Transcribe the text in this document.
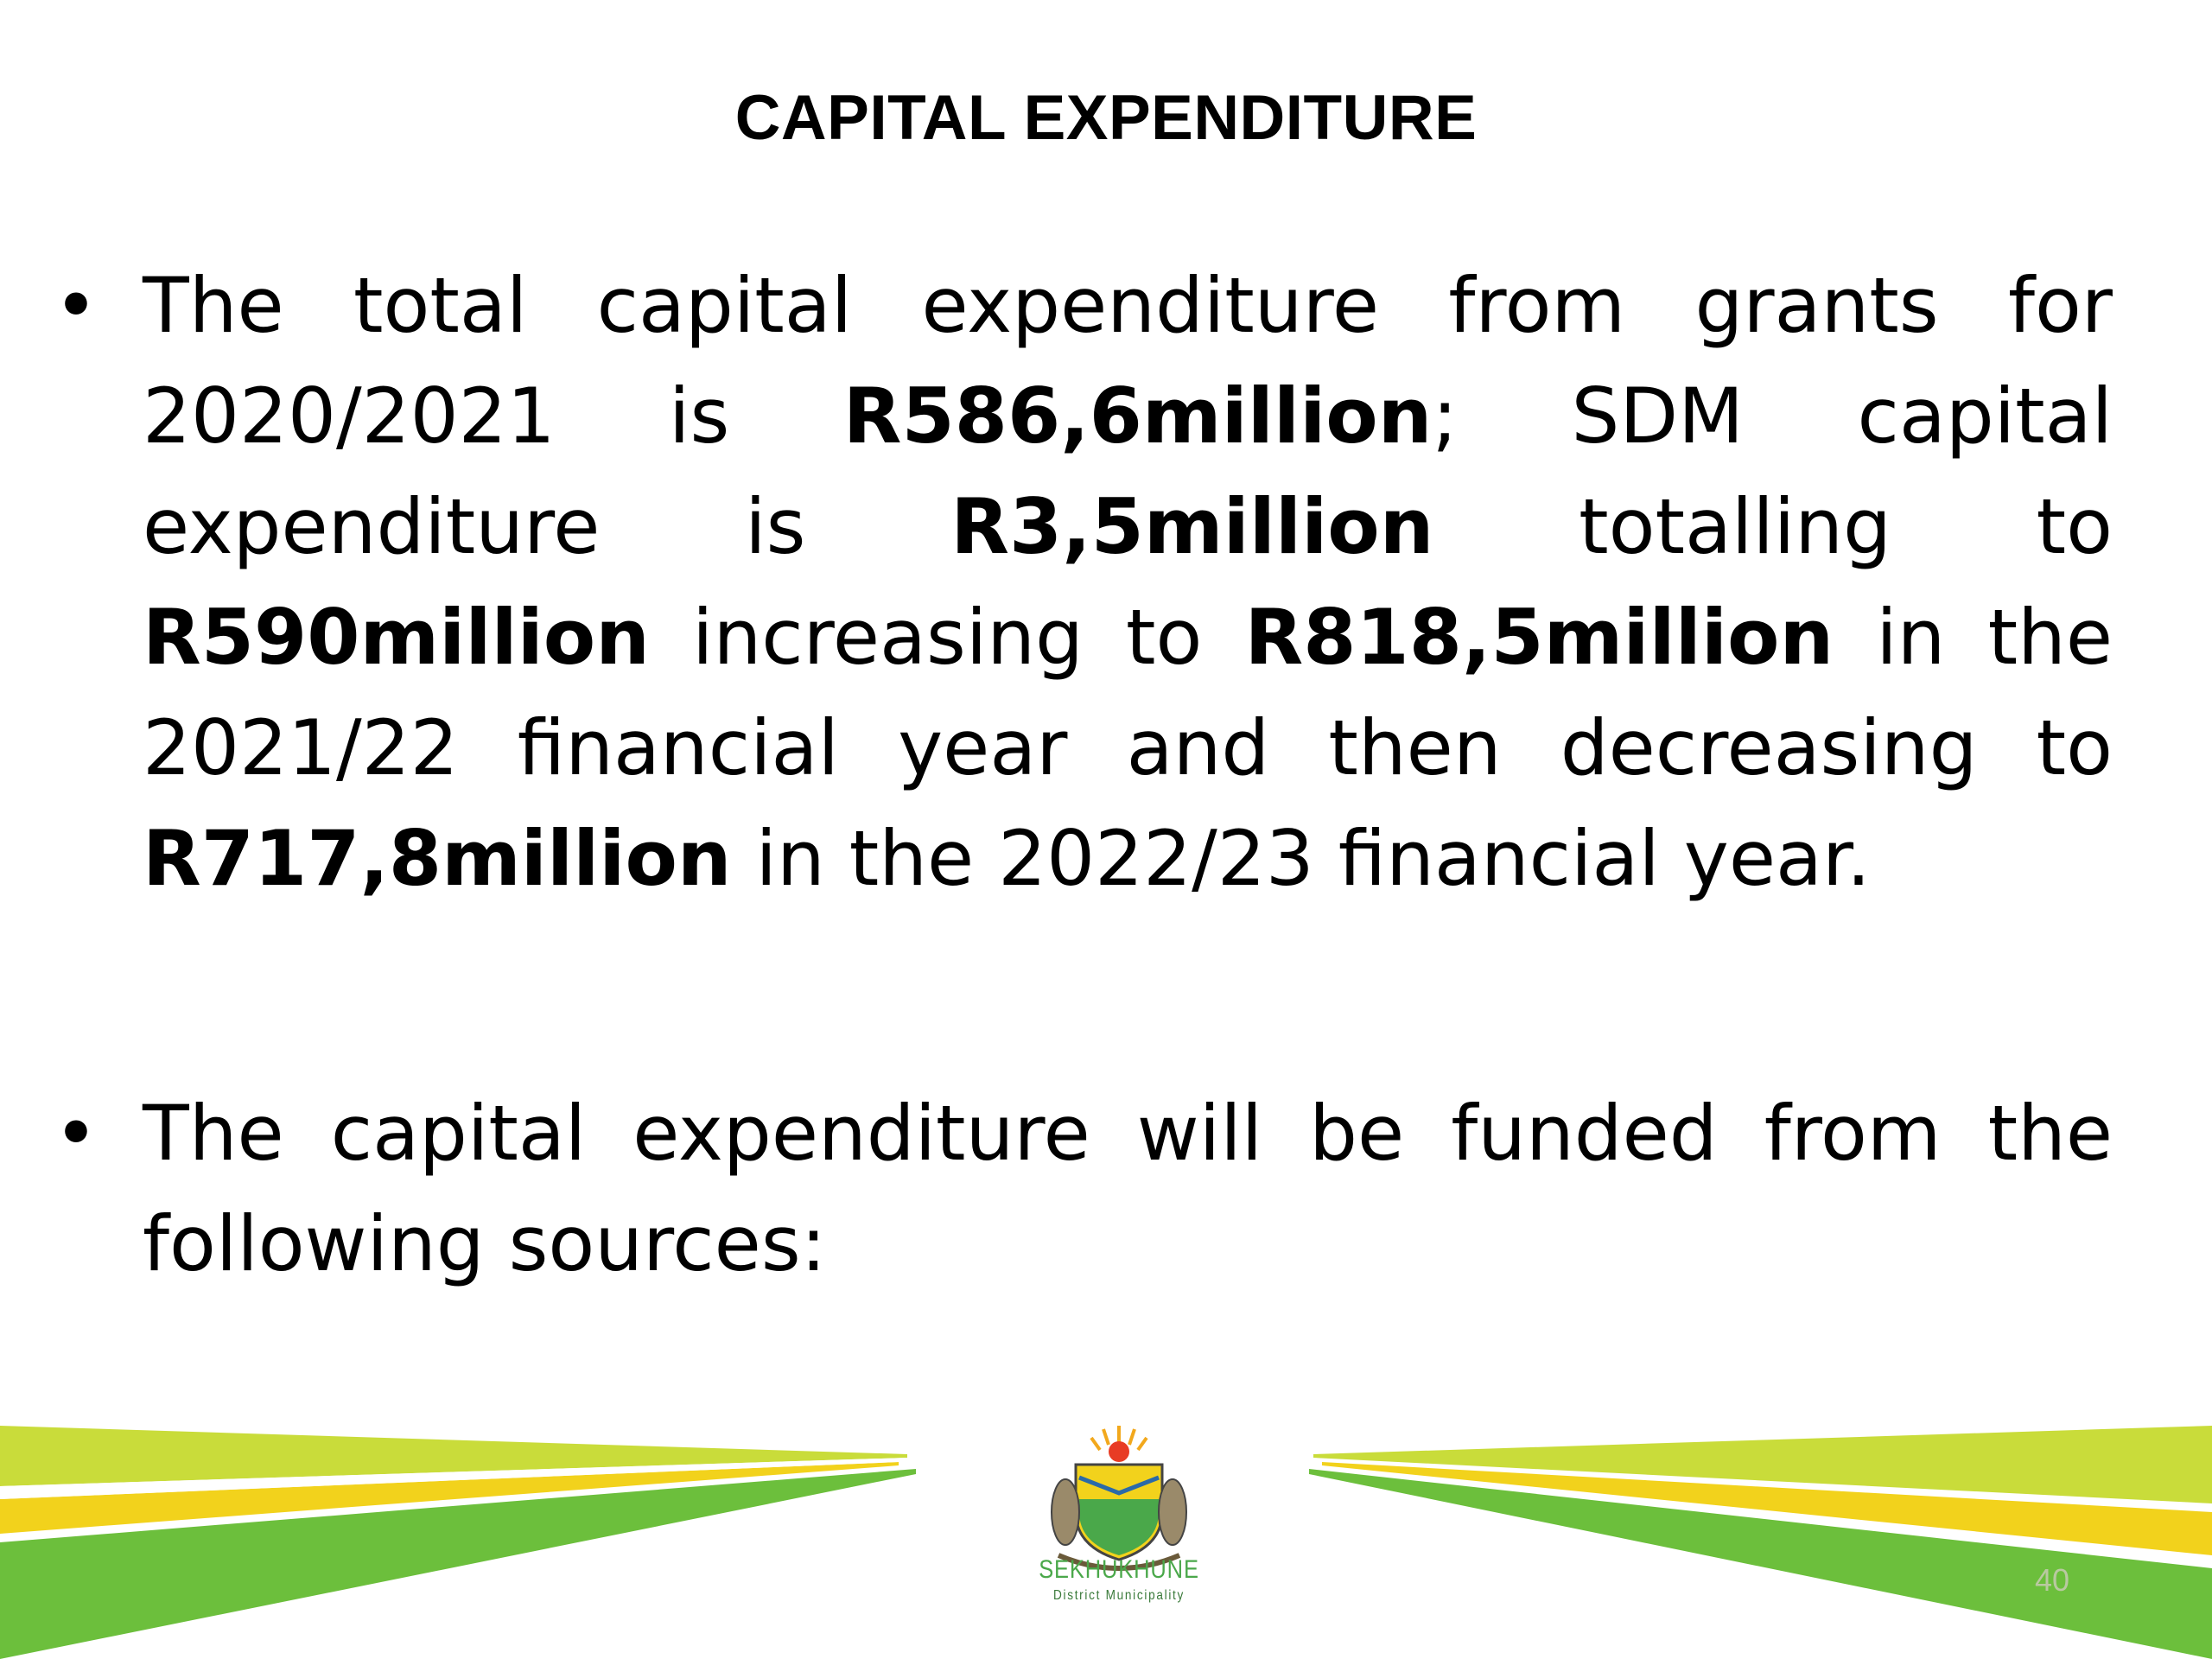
CAPITAL EXPENDITURE
• The total capital expenditure from grants for 2020/2021 is R586,6million; SDM capital expenditure is R3,5million totalling to R590million increasing to R818,5million in the 2021/22 financial year and then decreasing to R717,8million in the 2022/23 financial year.
• The capital expenditure will be funded from the following sources:
SEKHUKHUNE
District Municipality	40
